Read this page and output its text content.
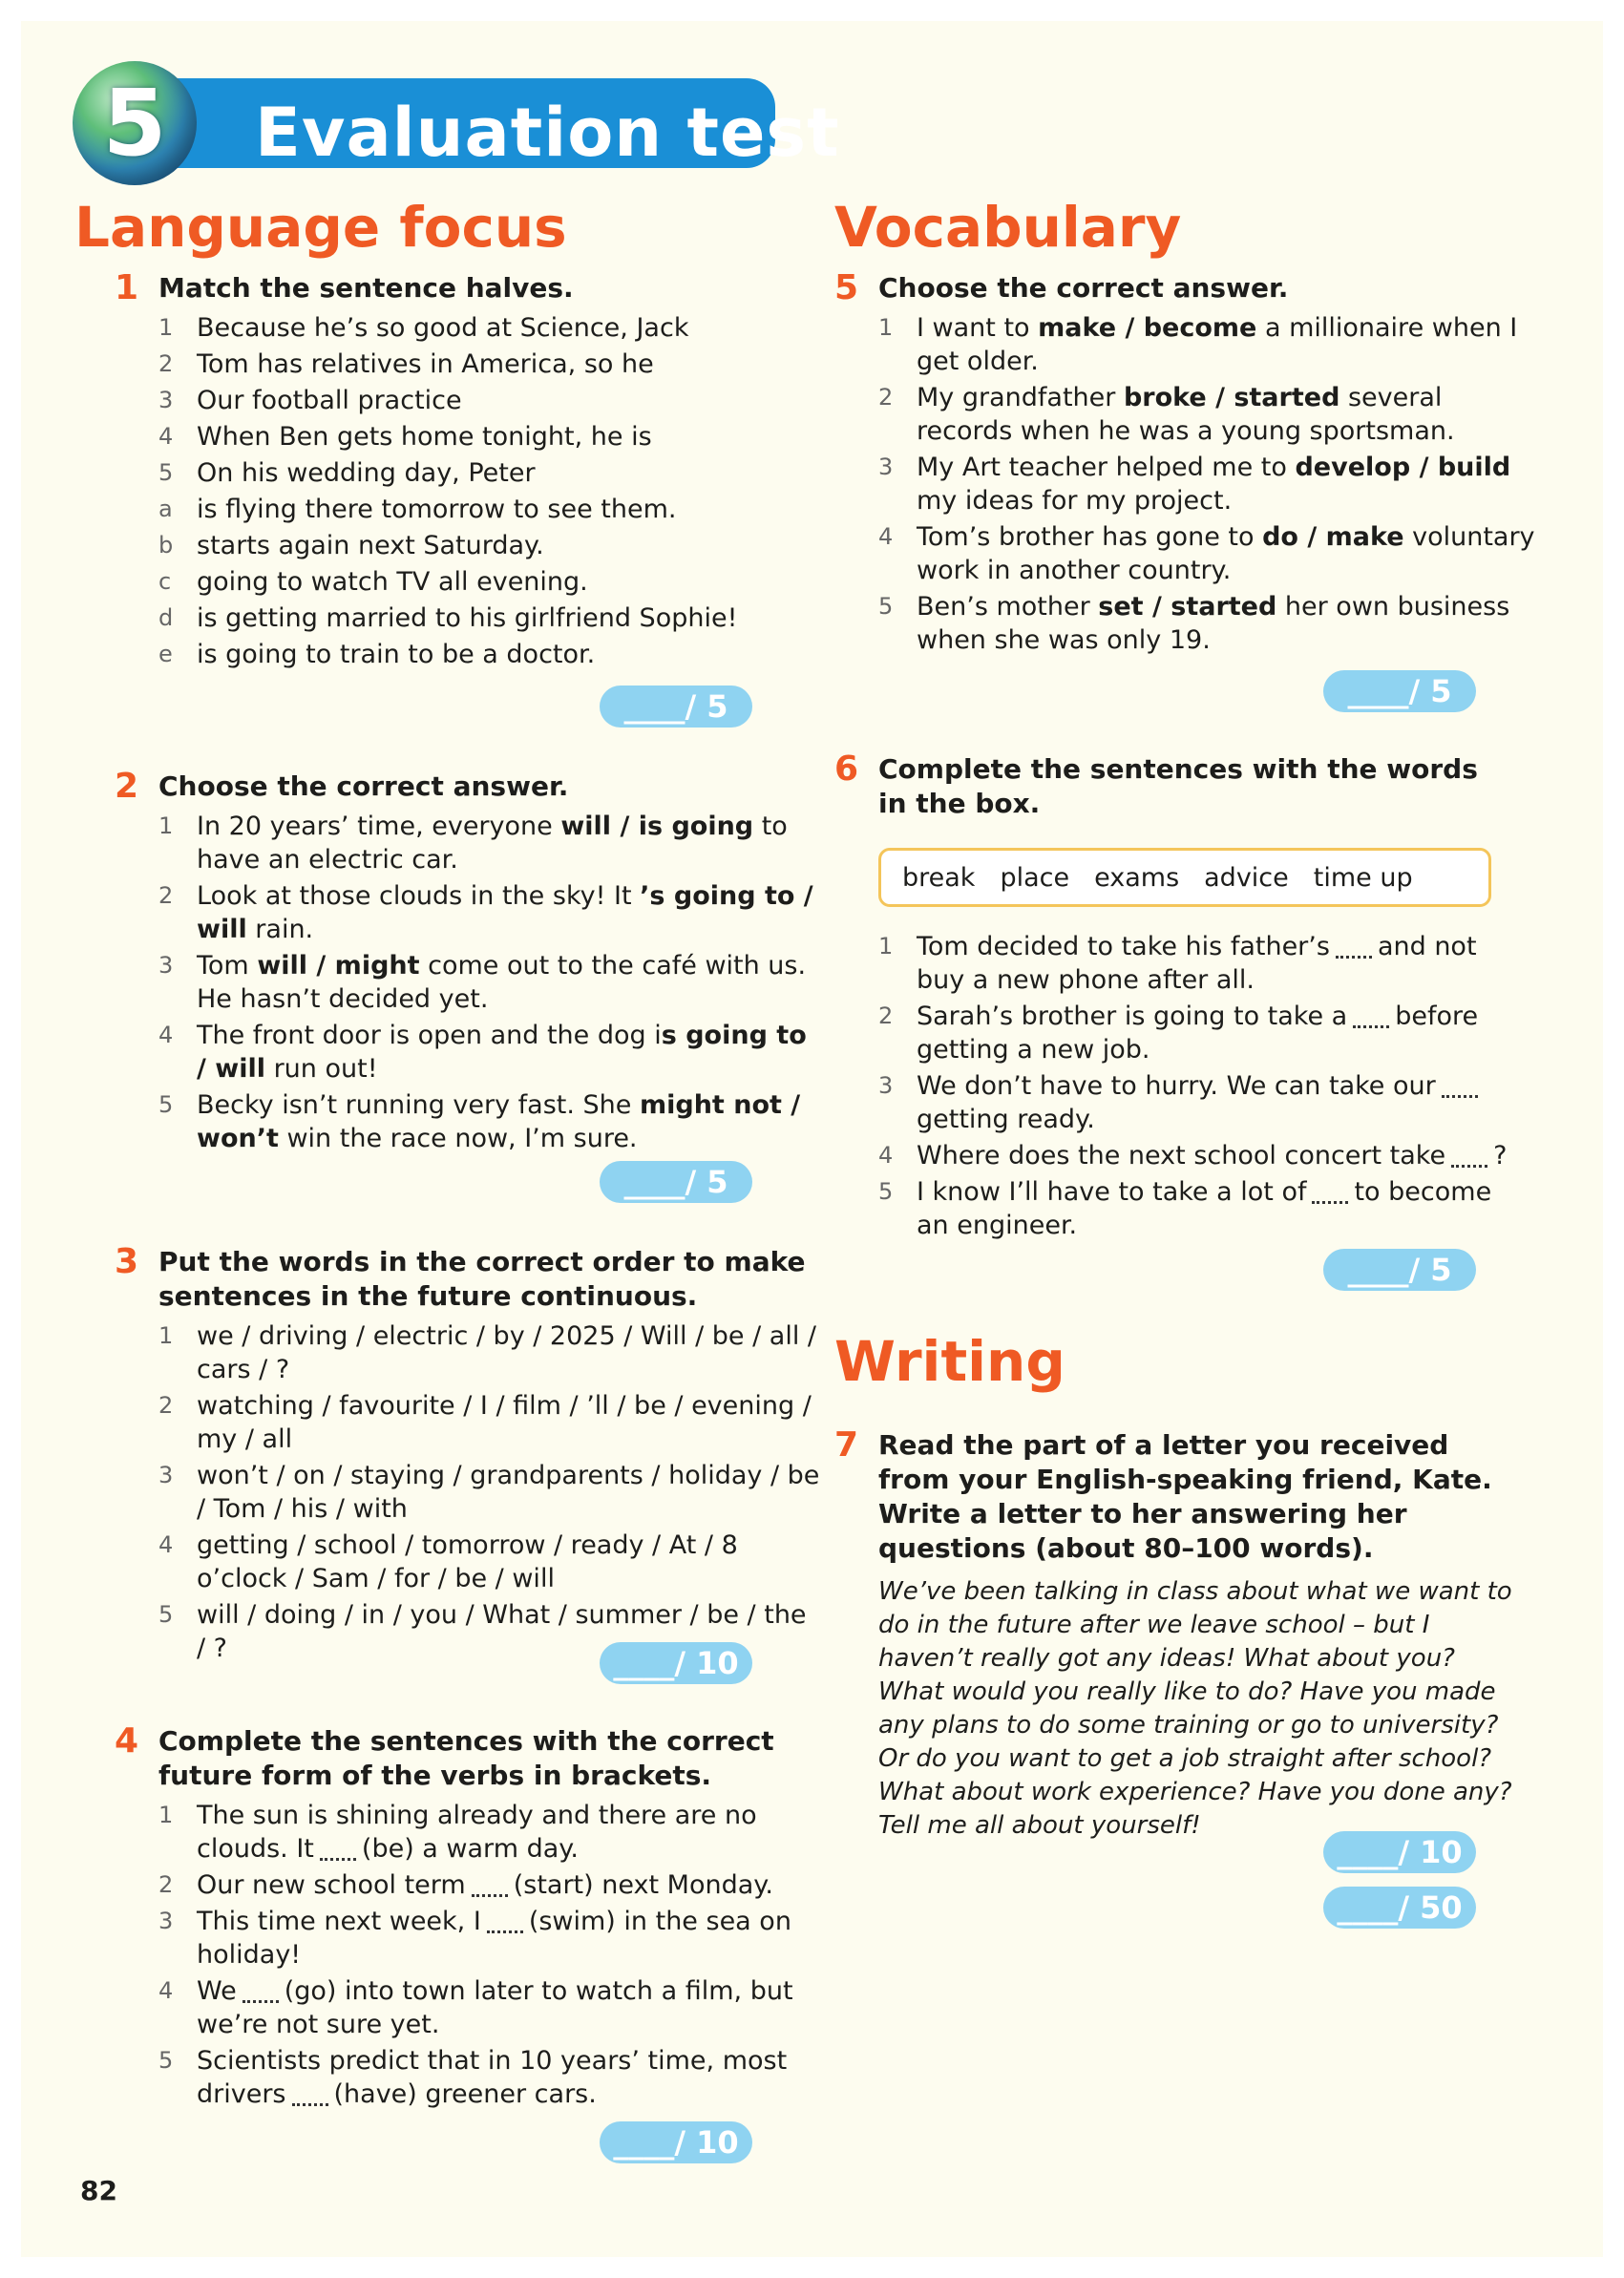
5	Evaluation test
Language focus	Vocabulary
Writing
1 Match the sentence halves.
1 Because he’s so good at Science, Jack
2 Tom has relatives in America, so he
3 Our football practice
4 When Ben gets home tonight, he is
5 On his wedding day, Peter
a is flying there tomorrow to see them.
b starts again next Saturday.
c going to watch TV all evening.
d is getting married to his girlfriend Sophie!
e is going to train to be a doctor.
____/ 5
2 Choose the correct answer.
1 In 20 years’ time, everyone will / is going to have an electric car.
2 Look at those clouds in the sky! It ’s going to / will rain.
3 Tom will / might come out to the café with us. He hasn’t decided yet.
4 The front door is open and the dog is going to / will run out!
5 Becky isn’t running very fast. She might not / won’t win the race now, I’m sure.
____/ 5
3 Put the words in the correct order to make sentences in the future continuous.
1 we / driving / electric / by / 2025 / Will / be / all / cars / ?
2 watching / favourite / I / film / ’ll / be / evening / my / all
3 won’t / on / staying / grandparents / holiday / be / Tom / his / with
4 getting / school / tomorrow / ready / At / 8 o’clock / Sam / for / be / will
5 will / doing / in / you / What / summer / be / the / ?	____/ 10
4 Complete the sentences with the correct future form of the verbs in brackets.
1 The sun is shining already and there are no clouds. It (be) a warm day.
2 Our new school term (start) next Monday.
3 This time next week, I (swim) in the sea on holiday!
4 We (go) into town later to watch a film, but we’re not sure yet.
5 Scientists predict that in 10 years’ time, most drivers (have) greener cars.
____/ 10
5 Choose the correct answer.
1 I want to make / become a millionaire when I get older.
2 My grandfather broke / started several records when he was a young sportsman.
3 My Art teacher helped me to develop / build my ideas for my project.
4 Tom’s brother has gone to do / make voluntary work in another country.
5 Ben’s mother set / started her own business when she was only 19.
____/ 5
6 Complete the sentences with the words in the box.
break place exams advice time up
1 Tom decided to take his father’s and not buy a new phone after all.
2 Sarah’s brother is going to take a before getting a new job.
3 We don’t have to hurry. We can take ourgetting ready.
4 Where does the next school concert take ?
5 I know I’ll have to take a lot of to become an engineer.
____/ 5
7 Read the part of a letter you received from your English-speaking friend, Kate. Write a letter to her answering her questions (about 80–100 words).
We’ve been talking in class about what we want to do in the future after we leave school – but I haven’t really got any ideas! What about you? What would you really like to do? Have you made any plans to do some training or go to university? Or do you want to get a job straight after school? What about work experience? Have you done any? Tell me all about yourself!
____/ 10
____/ 50
82
